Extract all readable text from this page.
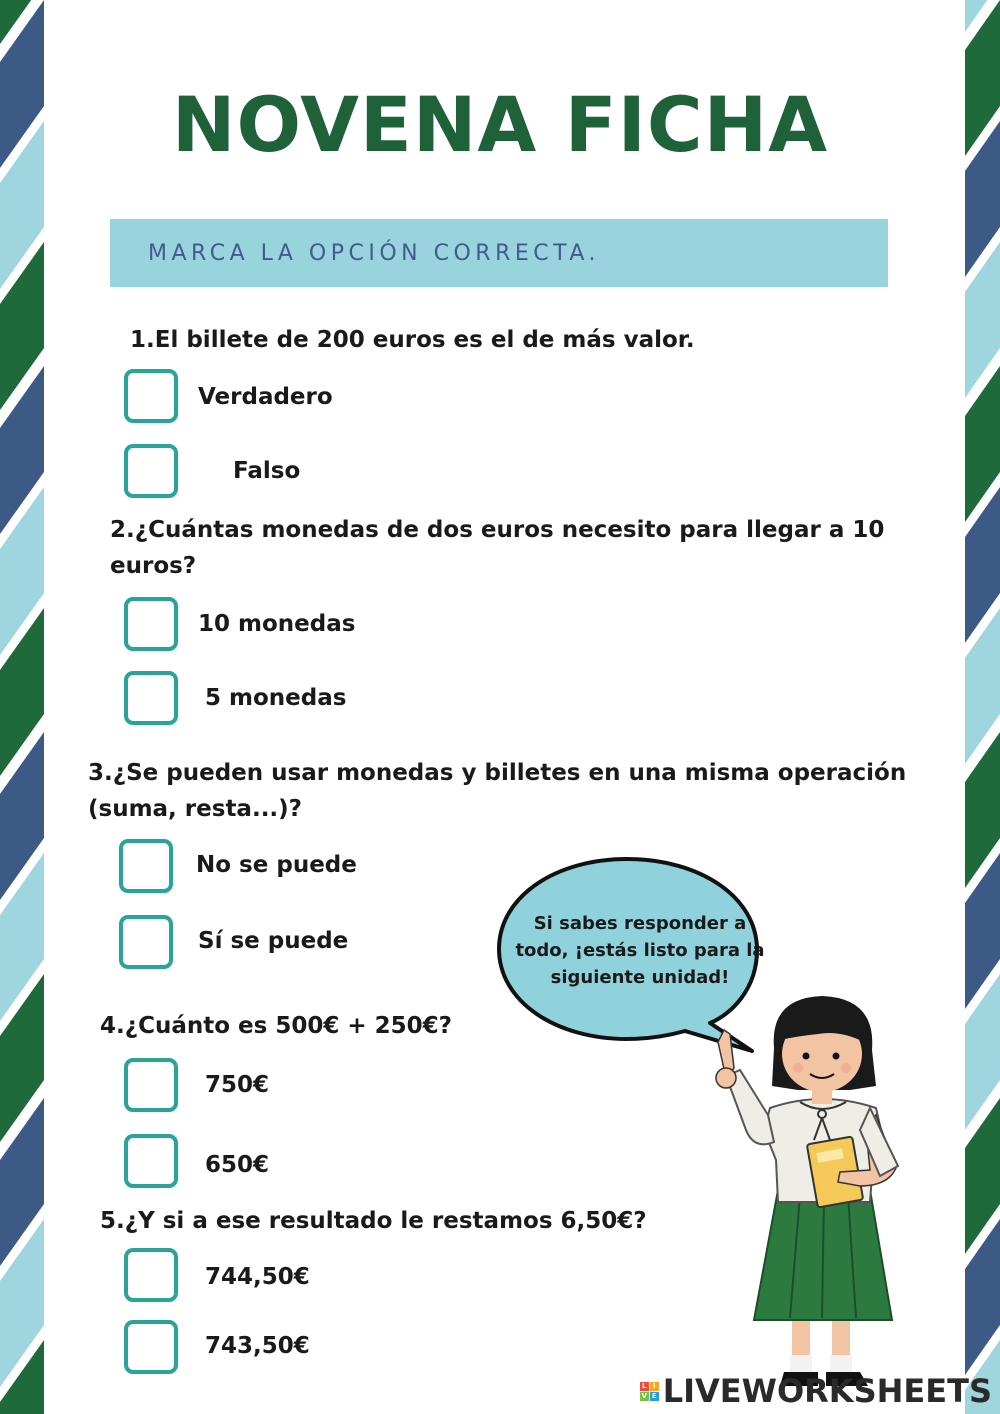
NOVENA FICHA
MARCA LA OPCIÓN CORRECTA.
1.El billete de 200 euros es el de más valor.
Verdadero
Falso
2.¿Cuántas monedas de dos euros necesito para llegar a 10 euros?
10 monedas
5 monedas
3.¿Se pueden usar monedas y billetes en una misma operación (suma, resta...)?
No se puede
Sí se puede
Si sabes responder a todo, ¡estás listo para la siguiente unidad!
4.¿Cuánto es 500€ + 250€?
750€
650€
5.¿Y si a ese resultado le restamos 6,50€?
744,50€
743,50€
L I
V E LIVEWORKSHEETS
